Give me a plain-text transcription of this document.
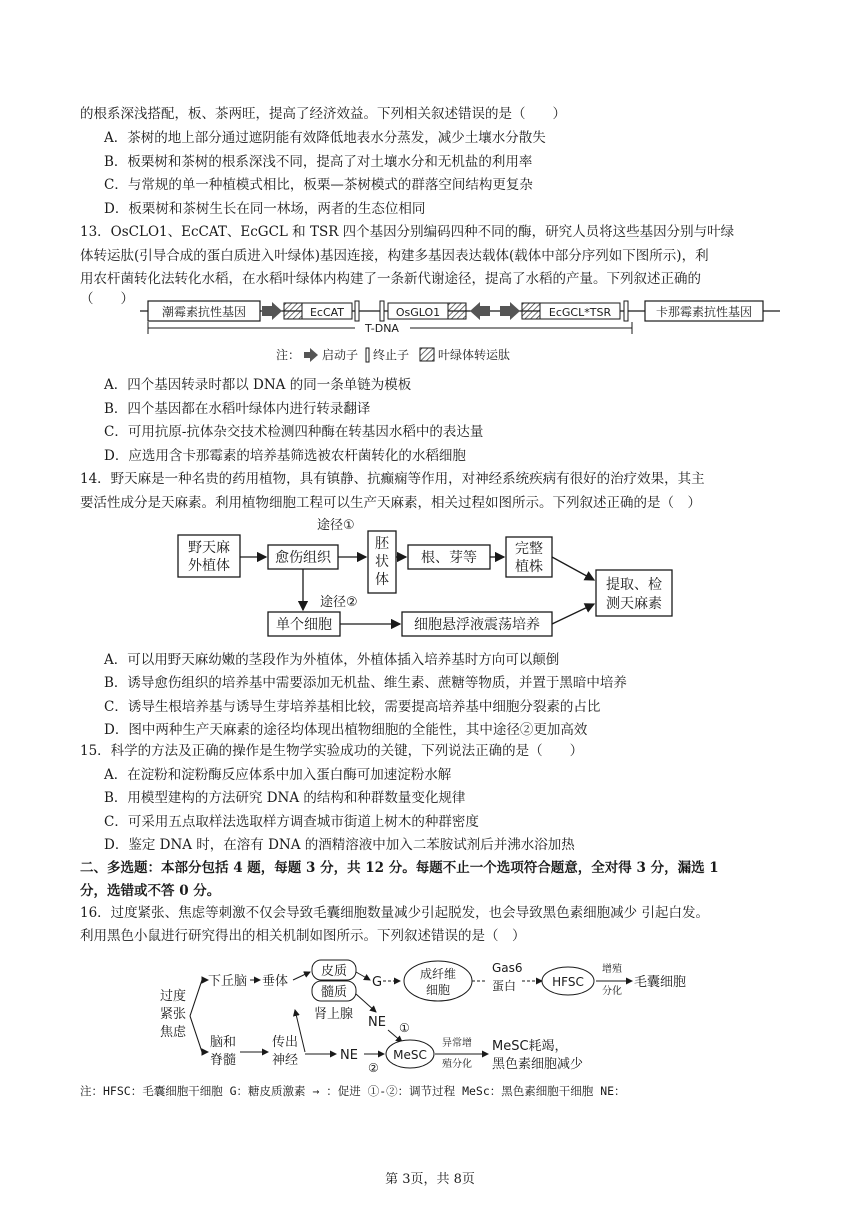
的根系深浅搭配，板、茶两旺，提高了经济效益。下列相关叙述错误的是（　　）
A．茶树的地上部分通过遮阴能有效降低地表水分蒸发，减少土壤水分散失
B．板栗树和茶树的根系深浅不同，提高了对土壤水分和无机盐的利用率
C．与常规的单一种植模式相比，板栗—茶树模式的群落空间结构更复杂
D．板栗树和茶树生长在同一林场，两者的生态位相同
13．OsCLO1、EcCAT、EcGCL 和 TSR 四个基因分别编码四种不同的酶，研究人员将这些基因分别与叶绿
体转运肽(引导合成的蛋白质进入叶绿体)基因连接，构建多基因表达载体(载体中部分序列如下图所示)，利
用农杆菌转化法转化水稻，在水稻叶绿体内构建了一条新代谢途径，提高了水稻的产量。下列叙述正确的
（　　）
潮霉素抗性基因	EcCAT	OsGLO1	EcGCL*TSR
T-DNA
卡那霉素抗性基因
注： 启动子 终止子 叶绿体转运肽
A．四个基因转录时都以 DNA 的同一条单链为模板
B．四个基因都在水稻叶绿体内进行转录翻译
C．可用抗原-抗体杂交技术检测四种酶在转基因水稻中的表达量
D．应选用含卡那霉素的培养基筛选被农杆菌转化的水稻细胞
14．野天麻是一种名贵的药用植物，具有镇静、抗癫痫等作用，对神经系统疾病有很好的治疗效果，其主
要活性成分是天麻素。利用植物细胞工程可以生产天麻素，相关过程如图所示。下列叙述正确的是（　）
野天麻
外植体	愈伤组织
途径①
胚
状
体
根、芽等
完整
植株
提取、检
测天麻素
途径②
单个细胞	细胞悬浮液震荡培养
A．可以用野天麻幼嫩的茎段作为外植体，外植体插入培养基时方向可以颠倒
B．诱导愈伤组织的培养基中需要添加无机盐、维生素、蔗糖等物质，并置于黑暗中培养
C．诱导生根培养基与诱导生芽培养基相比较，需要提高培养基中细胞分裂素的占比
D．图中两种生产天麻素的途径均体现出植物细胞的全能性，其中途径②更加高效
15．科学的方法及正确的操作是生物学实验成功的关键，下列说法正确的是（　　）
A．在淀粉和淀粉酶反应体系中加入蛋白酶可加速淀粉水解
B．用模型建构的方法研究 DNA 的结构和种群数量变化规律
C．可采用五点取样法选取样方调查城市街道上树木的种群密度
D．鉴定 DNA 时，在溶有 DNA 的酒精溶液中加入二苯胺试剂后并沸水浴加热
二、多选题：本部分包括 4 题，每题 3 分，共 12 分。每题不止一个选项符合题意，全对得 3 分，漏选 1
分，选错或不答 0 分。
16．过度紧张、焦虑等刺激不仅会导致毛囊细胞数量减少引起脱发，也会导致黑色素细胞减少 引起白发。
利用黑色小鼠进行研究得出的相关机制如图所示。下列叙述错误的是（　）
过度
紧张
焦虑
下丘脑 垂体
皮质
髓质
肾上腺
G
成纤维
细胞
Gas6
蛋白	HFSC
增殖
分化
毛囊细胞
NE ①
脑和
脊髓
传出
神经	NE
②
MeSC
异常增
殖分化
MeSC耗竭，
黑色素细胞减少
注：HFSC：毛囊细胞干细胞 G：糖皮质激素 → ：促进 ①-②：调节过程 MeSc：黑色素细胞干细胞 NE：
第 3页，共 8页
